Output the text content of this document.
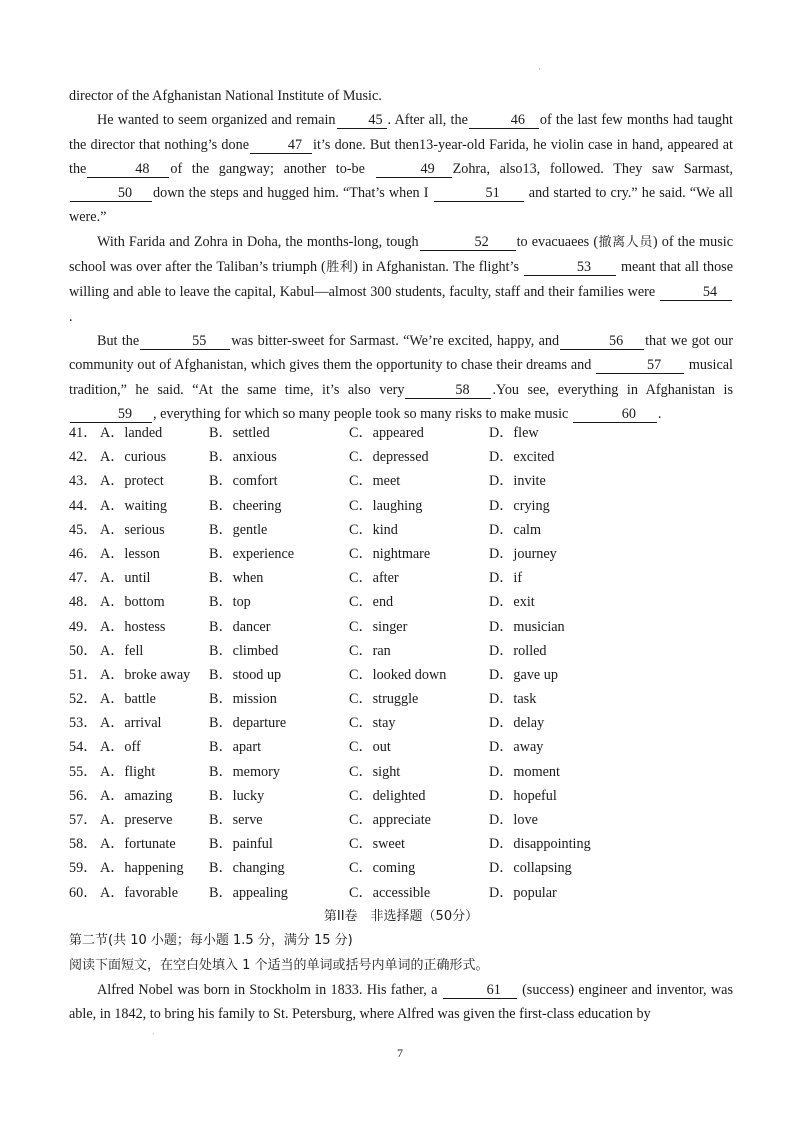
·

director of the Afghanistan National Institute of Music.

He wanted to seem organized and remain 45 . After all, the	46 of the last few months had taught the director that nothing’s done	47 it’s done. But then13-year-old Farida, he violin case in hand, appeared at the	48 of the gangway; another to-be	49 Zohra, also13, followed. They saw Sarmast,50 down the steps and hugged him. “That’s when I	51 and started to cry.” he said. “We all were.”

With Farida and Zohra in Doha, the months-long, tough	52 to evacuaees (撤离人员) of the music school was over after the Taliban’s triumph (胜利) in Afghanistan. The flight’s	53 meant that all those willing and able to leave the capital, Kabul—almost 300 students, faculty, staff and their families were	54 .

But the	55 was bitter-sweet for Sarmast. “We’re excited, happy, and	56 that we got our community out of Afghanistan, which gives them the opportunity to chase their dreams and	57 musical tradition,” he said. “At the same time, it’s also very	58 .You see, everything in Afghanistan is59 , everything for which so many people took so many risks to make music	60 .

41． A．landed	B．settled	C．appeared	D．flew
42． A．curious	B．anxious	C．depressed	D．excited
43． A．protect	B．comfort	C．meet	D．invite
44． A．waiting	B．cheering	C．laughing	D．crying
45． A．serious	B．gentle	C．kind	D．calm
46． A．lesson	B．experience	C．nightmare	D．journey
47． A．until	B．when	C．after	D．if
48． A．bottom	B．top	C．end	D．exit
49． A．hostess	B．dancer	C．singer	D．musician
50． A．fell	B．climbed	C．ran	D．rolled
51． A．broke away B．stood up	C．looked down	D．gave up
52． A．battle	B．mission	C．struggle	D．task
53． A．arrival	B．departure	C．stay	D．delay
54． A．off	B．apart	C．out	D．away
55． A．flight	B．memory	C．sight	D．moment
56． A．amazing	B．lucky	C．delighted	D．hopeful
57． A．preserve	B．serve	C．appreciate	D．love
58． A．fortunate B．painful	C．sweet	D．disappointing
59． A．happening B．changing	C．coming	D．collapsing
60． A．favorable B．appealing	C．accessible	D．popular

第II卷　非选择题（50分）

第二节(共 10 小题；每小题 1.5 分，满分 15 分)

阅读下面短文，在空白处填入 1 个适当的单词或括号内单词的正确形式。

Alfred Nobel was born in Stockholm in 1833. His father, a	61 (success) engineer and inventor, was able, in 1842, to bring his family to St. Petersburg, where Alfred was given the first-class education by

·
7
